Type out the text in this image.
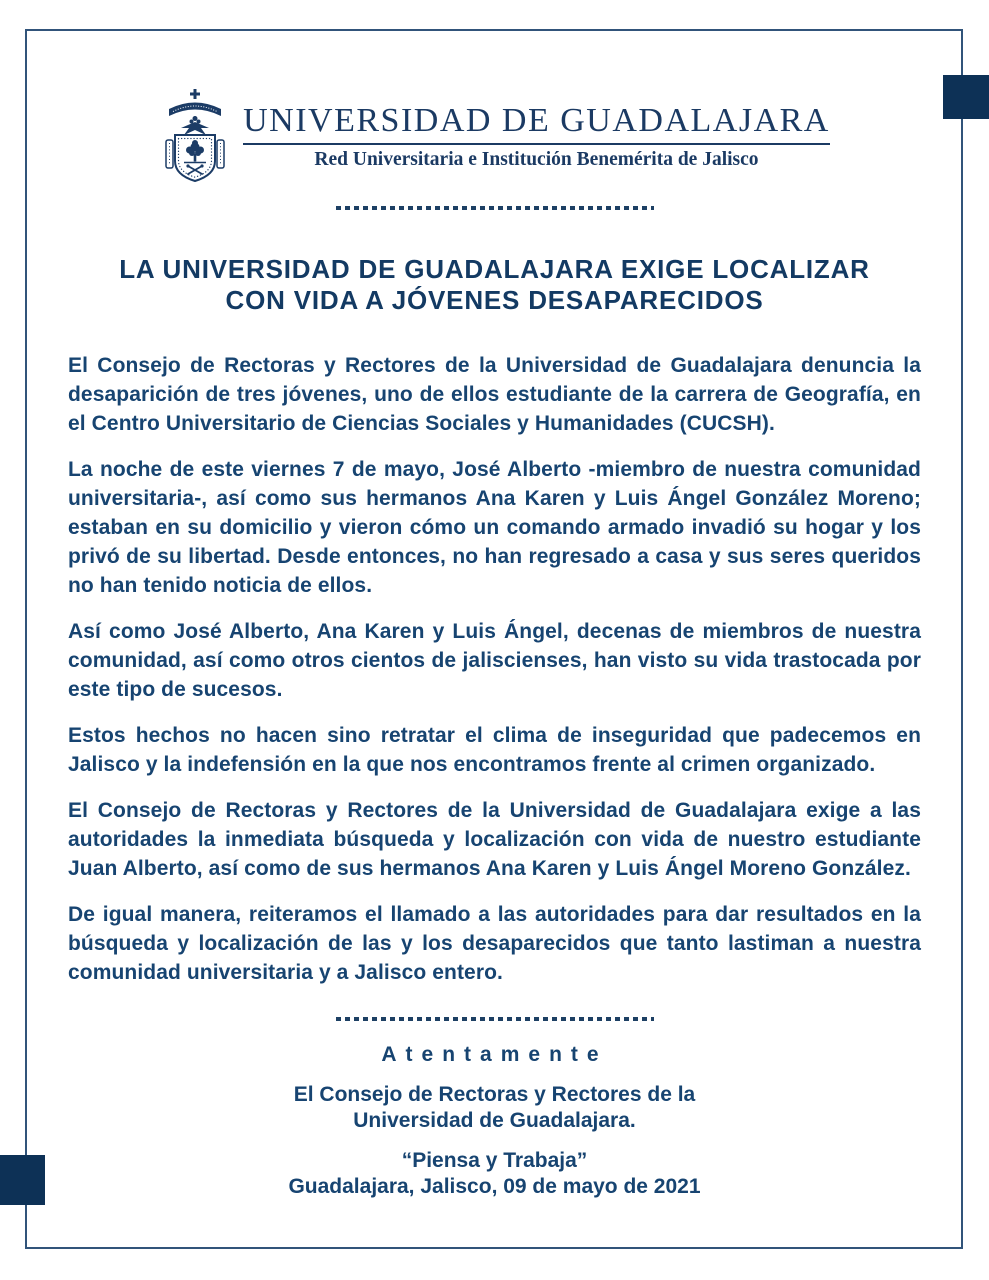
UNIVERSIDAD DE GUADALAJARA
Red Universitaria e Institución Benemérita de Jalisco
LA UNIVERSIDAD DE GUADALAJARA EXIGE LOCALIZAR
CON VIDA A JÓVENES DESAPARECIDOS

El Consejo de Rectoras y Rectores de la Universidad de Guadalajara denuncia la desaparición de tres jóvenes, uno de ellos estudiante de la carrera de Geografía, en el Centro Universitario de Ciencias Sociales y Humanidades (CUCSH).

La noche de este viernes 7 de mayo, José Alberto -miembro de nuestra comunidad universitaria-, así como sus hermanos Ana Karen y Luis Ángel González Moreno; estaban en su domicilio y vieron cómo un comando armado invadió su hogar y los privó de su libertad. Desde entonces, no han regresado a casa y sus seres queridos no han tenido noticia de ellos.

Así como José Alberto, Ana Karen y Luis Ángel, decenas de miembros de nuestra comunidad, así como otros cientos de jaliscienses, han visto su vida trastocada por este tipo de sucesos.

Estos hechos no hacen sino retratar el clima de inseguridad que padecemos en Jalisco y la indefensión en la que nos encontramos frente al crimen organizado.

El Consejo de Rectoras y Rectores de la Universidad de Guadalajara exige a las autoridades la inmediata búsqueda y localización con vida de nuestro estudiante Juan Alberto, así como de sus hermanos Ana Karen y Luis Ángel Moreno González.

De igual manera, reiteramos el llamado a las autoridades para dar resultados en la búsqueda y localización de las y los desaparecidos que tanto lastiman a nuestra comunidad universitaria y a Jalisco entero.

Atentamente
El Consejo de Rectoras y Rectores de la
Universidad de Guadalajara.
“Piensa y Trabaja”
Guadalajara, Jalisco, 09 de mayo de 2021
